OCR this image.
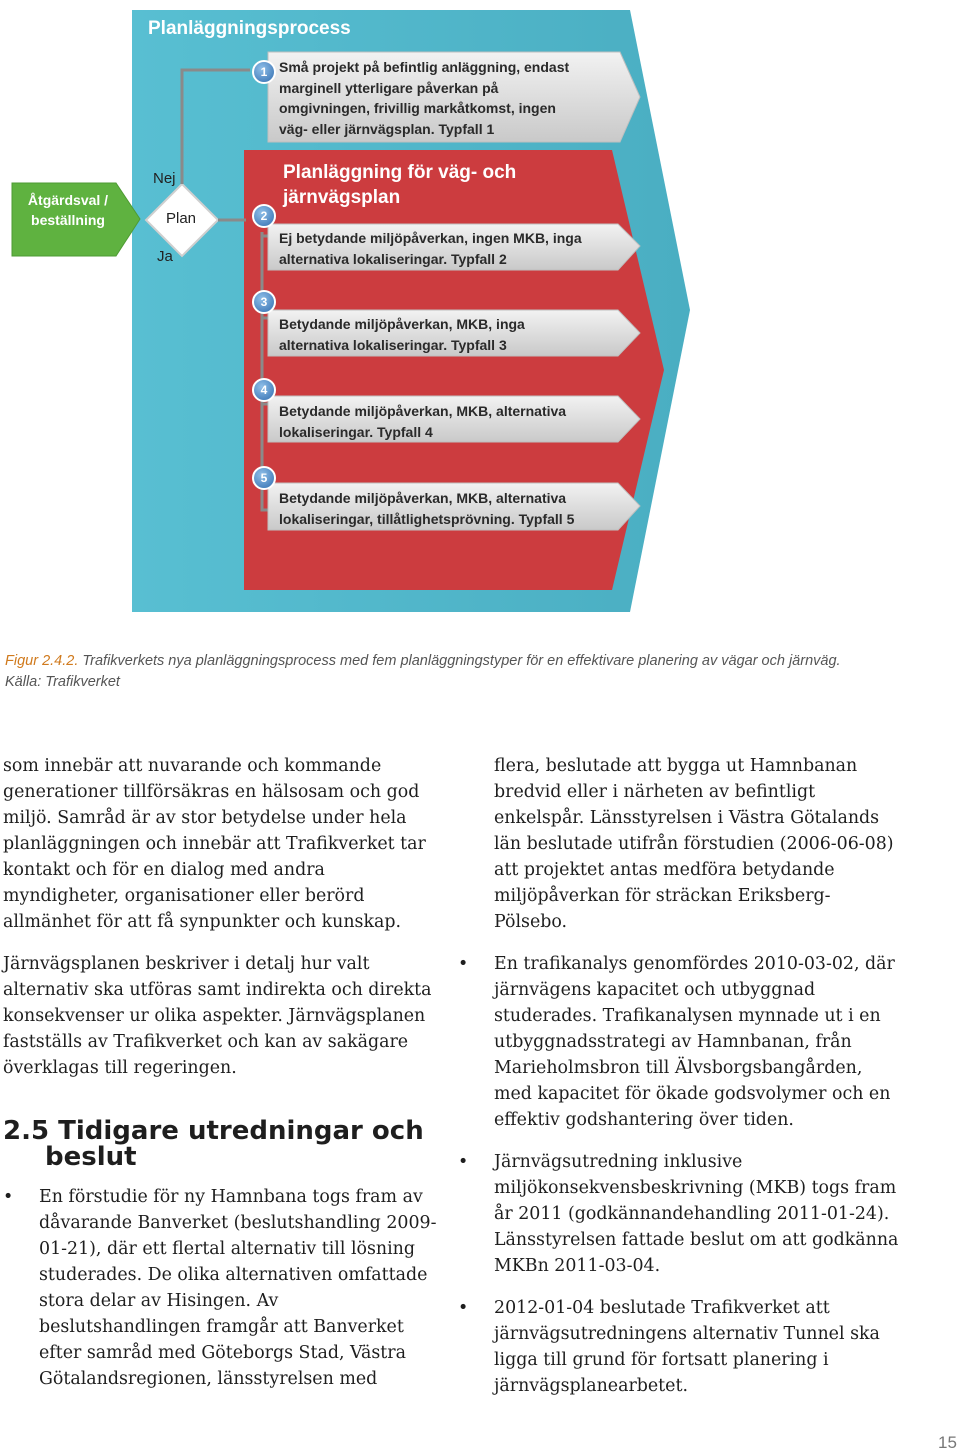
Planläggningsprocess
Åtgärdsval / beställning
Nej
Plan
Ja
Planläggning för väg- och järnvägsplan
1 Små projekt på befintlig anläggning, endast
marginell ytterligare påverkan på
omgivningen, frivillig markåtkomst, ingen
väg- eller järnvägsplan. Typfall 1
2
Ej betydande miljöpåverkan, ingen MKB, inga
alternativa lokaliseringar. Typfall 2
3
Betydande miljöpåverkan, MKB, inga
alternativa lokaliseringar. Typfall 3
4
Betydande miljöpåverkan, MKB, alternativa
lokaliseringar. Typfall 4
5
Betydande miljöpåverkan, MKB, alternativa
lokaliseringar, tillåtlighetsprövning. Typfall 5
Figur 2.4.2. Trafikverkets nya planläggningsprocess med fem planläggningstyper för en effektivare planering av vägar och järnväg.
Källa: Trafikverket

som innebär att nuvarande och kommande generationer tillförsäkras en hälsosam och god miljö. Samråd är av stor betydelse under hela planläggningen och innebär att Trafikverket tar kontakt och för en dialog med andra myndigheter, organisationer eller berörd allmänhet för att få synpunkter och kunskap.

Järnvägsplanen beskriver i detalj hur valt alternativ ska utföras samt indirekta och direkta konsekvenser ur olika aspekter. Järnvägsplanen fastställs av Trafikverket och kan av sakägare överklagas till regeringen.

2.5 Tidigare utredningar och
beslut
• En förstudie för ny Hamnbana togs fram av dåvarande Banverket (beslutshandling 2009-01-21), där ett flertal alternativ till lösning studerades. De olika alternativen omfattade stora delar av Hisingen. Av beslutshandlingen framgår att Banverket efter samråd med Göteborgs Stad, Västra Götalandsregionen, länsstyrelsen med

flera, beslutade att bygga ut Hamnbanan bredvid eller i närheten av befintligt enkelspår. Länsstyrelsen i Västra Götalands län beslutade utifrån förstudien (2006-06-08) att projektet antas medföra betydande miljöpåverkan för sträckan Eriksberg-Pölsebo.

• En trafikanalys genomfördes 2010-03-02, där järnvägens kapacitet och utbyggnad studerades. Trafikanalysen mynnade ut i en utbyggnadsstrategi av Hamnbanan, från Marieholmsbron till Älvsborgsbangården, med kapacitet för ökade godsvolymer och en effektiv godshantering över tiden.
• Järnvägsutredning inklusive miljökonsekvensbeskrivning (MKB) togs fram år 2011 (godkännandehandling 2011-01-24). Länsstyrelsen fattade beslut om att godkänna MKBn 2011-03-04.
• 2012-01-04 beslutade Trafikverket att järnvägsutredningens alternativ Tunnel ska ligga till grund för fortsatt planering i järnvägsplanearbetet.
15
